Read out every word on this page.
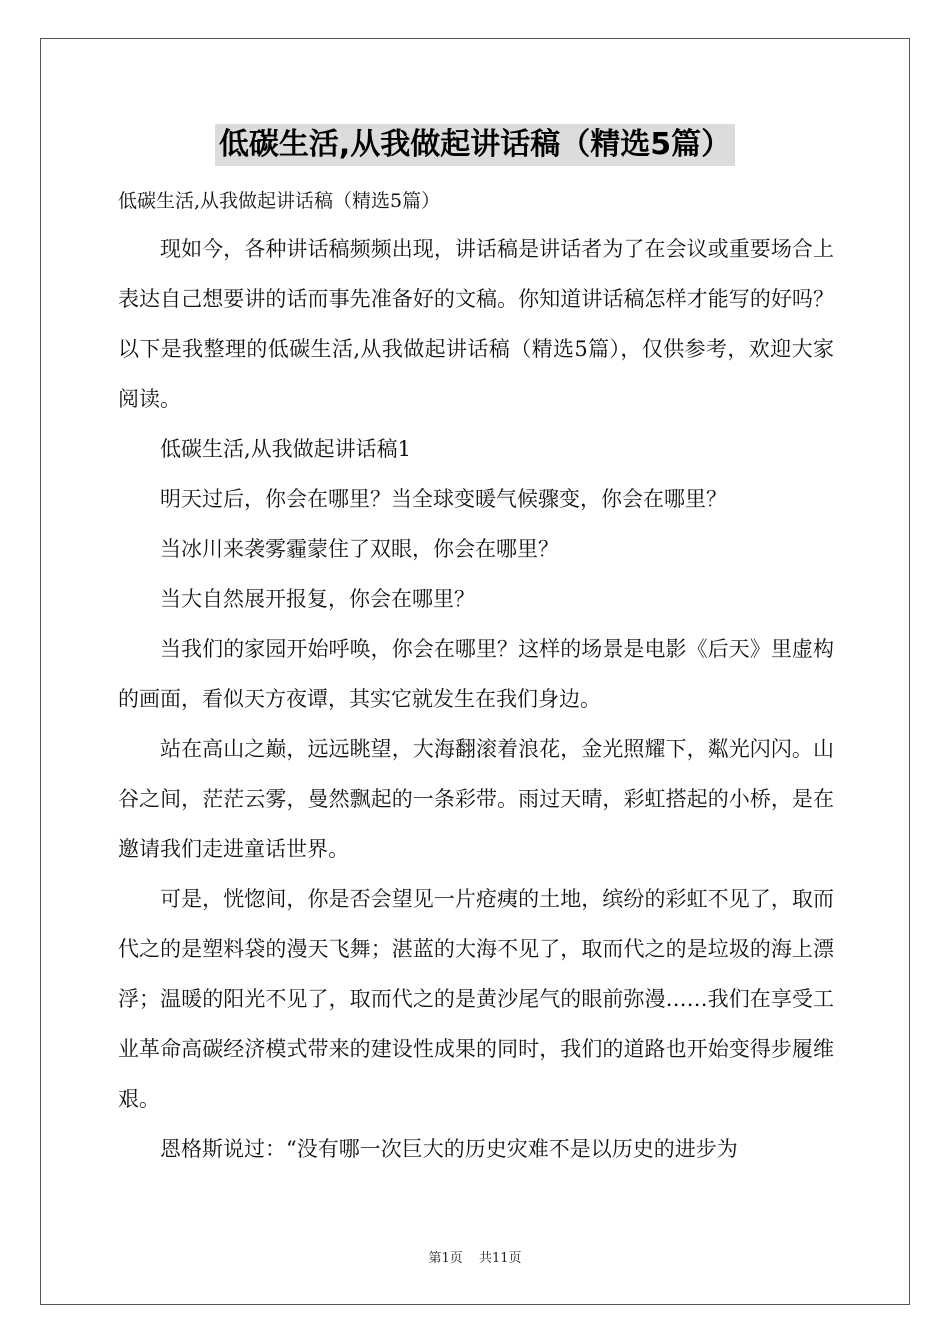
低碳生活,从我做起讲话稿（精选5篇）

低碳生活,从我做起讲话稿（精选5篇）

现如今，各种讲话稿频频出现，讲话稿是讲话者为了在会议或重要场合上表达自己想要讲的话而事先准备好的文稿。你知道讲话稿怎样才能写的好吗？以下是我整理的低碳生活,从我做起讲话稿（精选5篇），仅供参考，欢迎大家阅读。

低碳生活,从我做起讲话稿1

明天过后，你会在哪里？当全球变暖气候骤变，你会在哪里？

当冰川来袭雾霾蒙住了双眼，你会在哪里？

当大自然展开报复，你会在哪里？

当我们的家园开始呼唤，你会在哪里？这样的场景是电影《后天》里虚构的画面，看似天方夜谭，其实它就发生在我们身边。

站在高山之巅，远远眺望，大海翻滚着浪花，金光照耀下，粼光闪闪。山谷之间，茫茫云雾，曼然飘起的一条彩带。雨过天晴，彩虹搭起的小桥，是在邀请我们走进童话世界。

可是，恍惚间，你是否会望见一片疮痍的土地，缤纷的彩虹不见了，取而代之的是塑料袋的漫天飞舞；湛蓝的大海不见了，取而代之的是垃圾的海上漂浮；温暖的阳光不见了，取而代之的是黄沙尾气的眼前弥漫……我们在享受工业革命高碳经济模式带来的建设性成果的同时，我们的道路也开始变得步履维艰。

恩格斯说过：“没有哪一次巨大的历史灾难不是以历史的进步为

第1页 共11页
